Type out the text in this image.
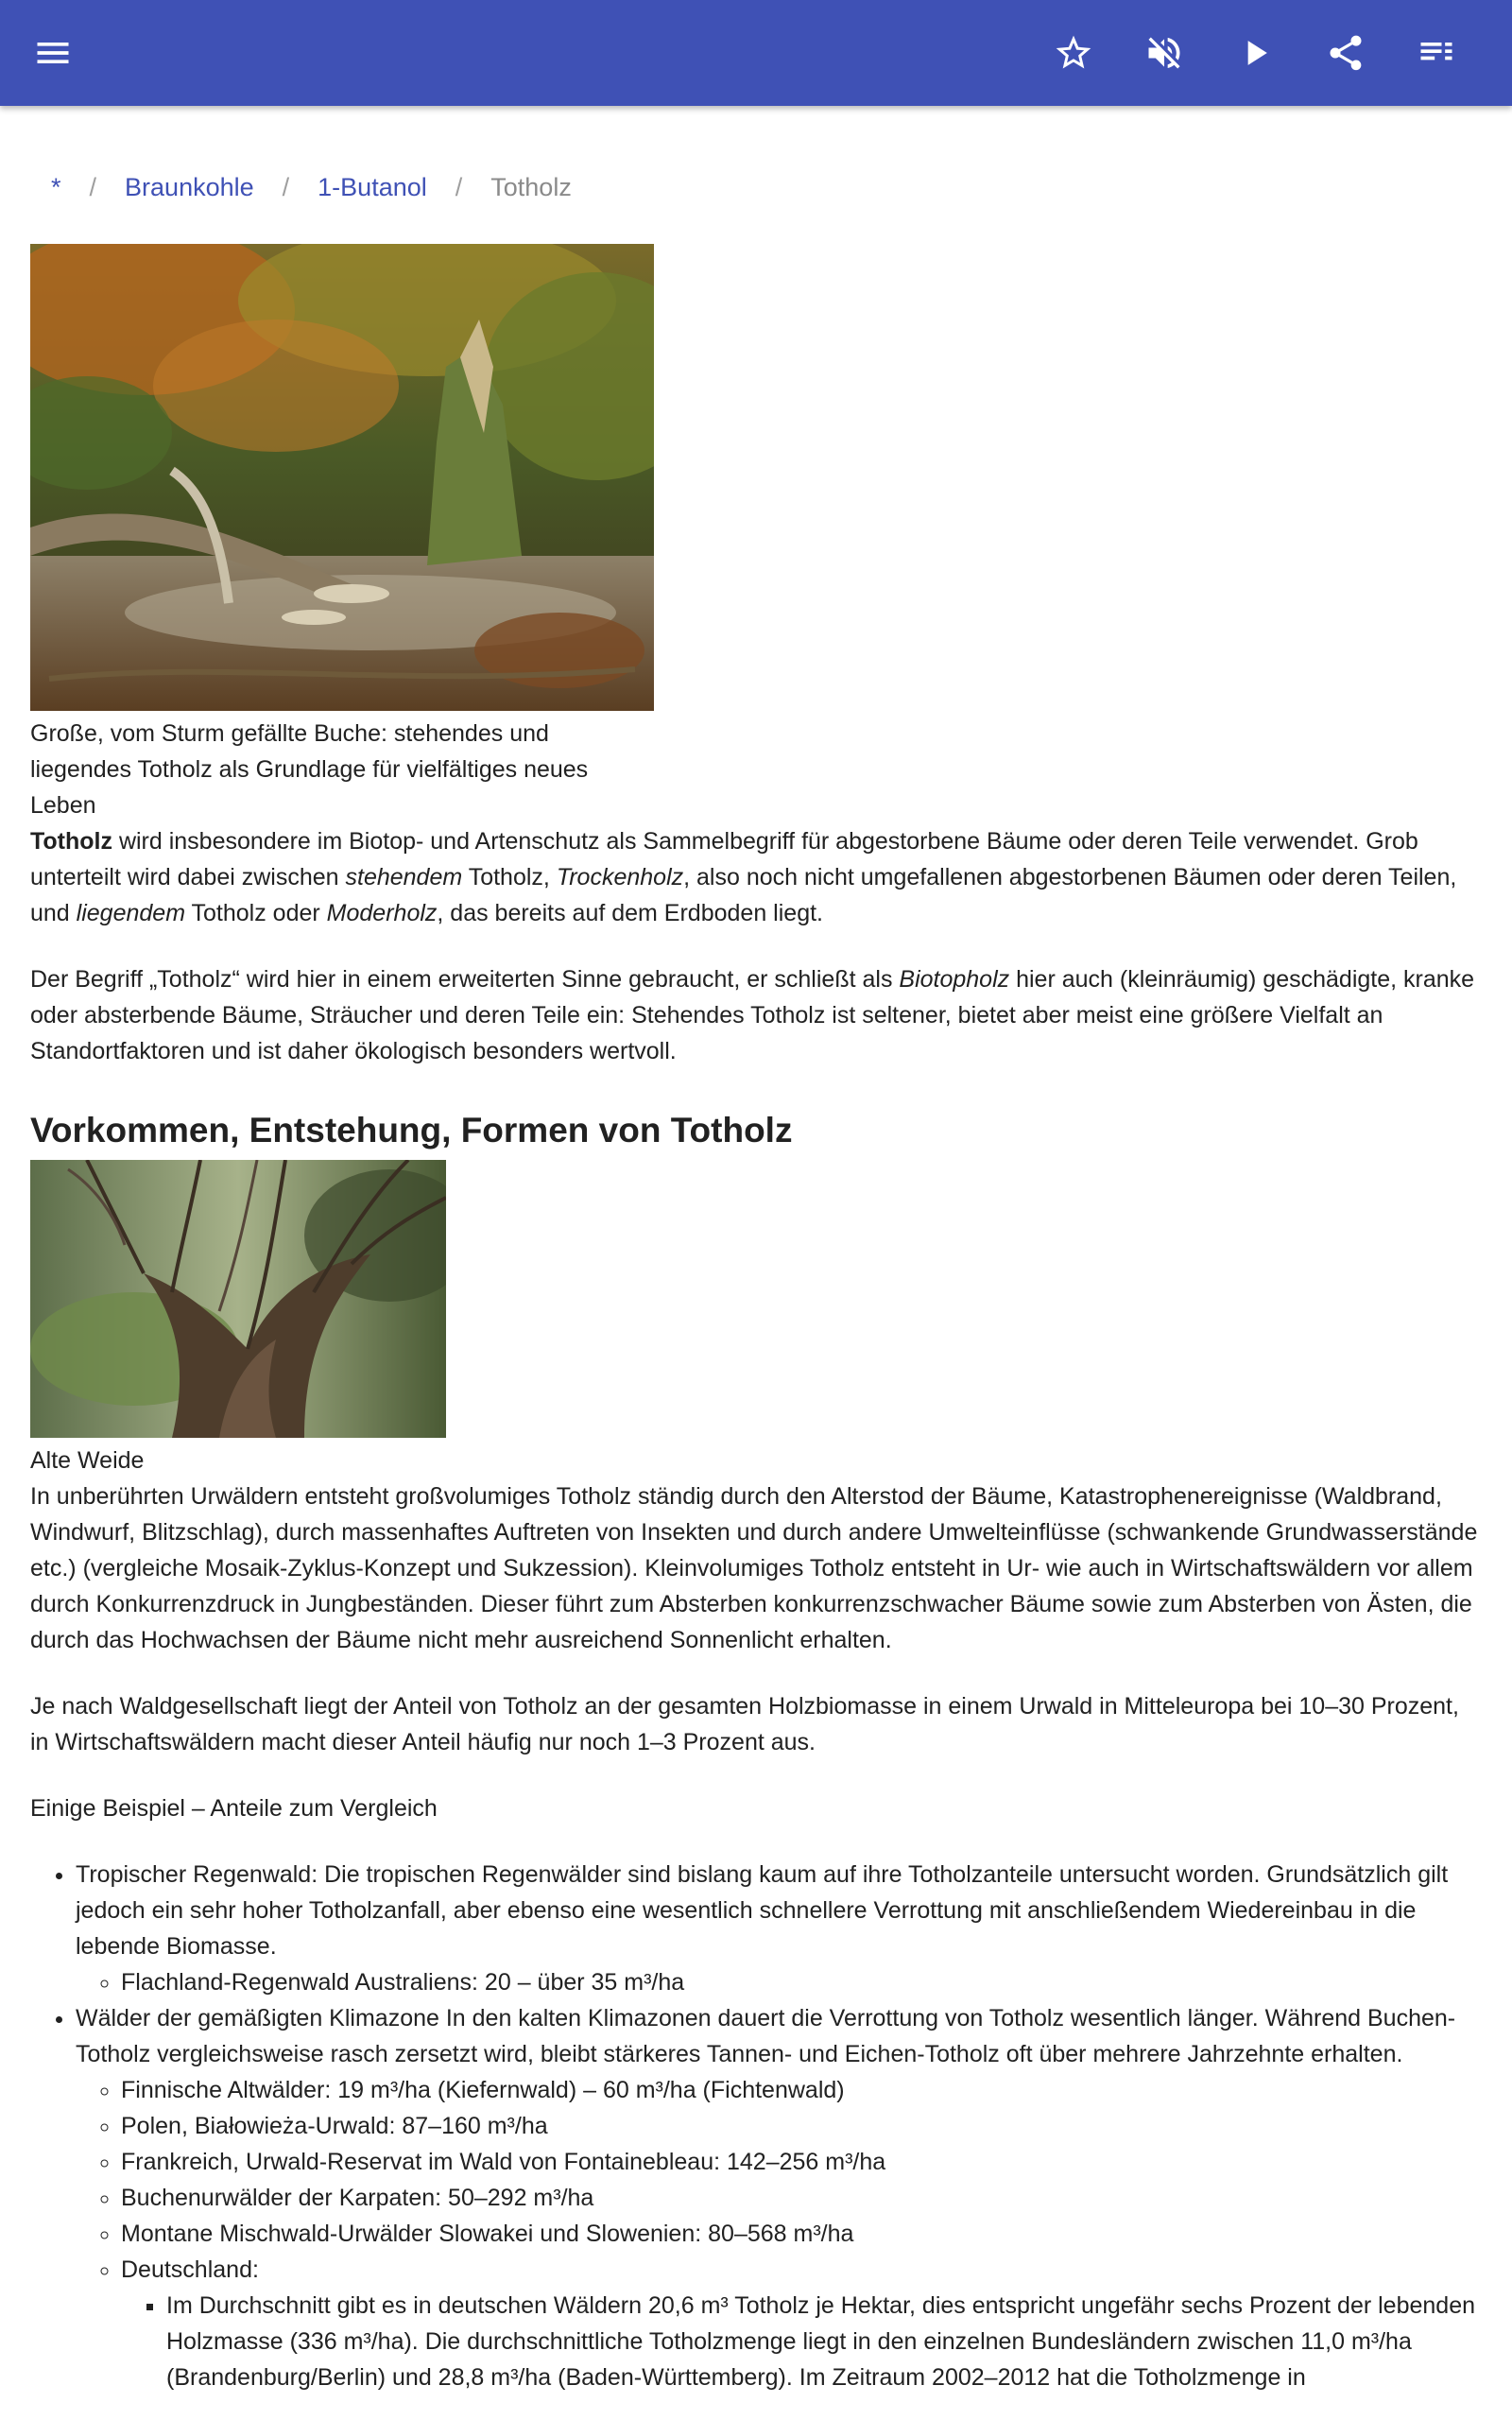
* / Braunkohle / 1-Butanol / Totholz
Große, vom Sturm gefällte Buche: stehendes und liegendes Totholz als Grundlage für vielfältiges neues Leben

Totholz wird insbesondere im Biotop- und Artenschutz als Sammelbegriff für abgestorbene Bäume oder deren Teile verwendet. Grob unterteilt wird dabei zwischen stehendem Totholz, Trockenholz, also noch nicht umgefallenen abgestorbenen Bäumen oder deren Teilen, und liegendem Totholz oder Moderholz, das bereits auf dem Erdboden liegt.

Der Begriff „Totholz“ wird hier in einem erweiterten Sinne gebraucht, er schließt als Biotopholz hier auch (kleinräumig) geschädigte, kranke oder absterbende Bäume, Sträucher und deren Teile ein: Stehendes Totholz ist seltener, bietet aber meist eine größere Vielfalt an Standortfaktoren und ist daher ökologisch besonders wertvoll.

Vorkommen, Entstehung, Formen von Totholz
Alte Weide

In unberührten Urwäldern entsteht großvolumiges Totholz ständig durch den Alterstod der Bäume, Katastrophenereignisse (Waldbrand, Windwurf, Blitzschlag), durch massenhaftes Auftreten von Insekten und durch andere Umwelteinflüsse (schwankende Grundwasserstände etc.) (vergleiche Mosaik-Zyklus-Konzept und Sukzession). Kleinvolumiges Totholz entsteht in Ur- wie auch in Wirtschaftswäldern vor allem durch Konkurrenzdruck in Jungbeständen. Dieser führt zum Absterben konkurrenzschwacher Bäume sowie zum Absterben von Ästen, die durch das Hochwachsen der Bäume nicht mehr ausreichend Sonnenlicht erhalten.

Je nach Waldgesellschaft liegt der Anteil von Totholz an der gesamten Holzbiomasse in einem Urwald in Mitteleuropa bei 10–30 Prozent, in Wirtschaftswäldern macht dieser Anteil häufig nur noch 1–3 Prozent aus.

Einige Beispiel – Anteile zum Vergleich

• Tropischer Regenwald: Die tropischen Regenwälder sind bislang kaum auf ihre Totholzanteile untersucht worden. Grundsätzlich gilt jedoch ein sehr hoher Totholzanfall, aber ebenso eine wesentlich schnellere Verrottung mit anschließendem Wiedereinbau in die lebende Biomasse.
◦ Flachland-Regenwald Australiens: 20 – über 35 m³/ha
• Wälder der gemäßigten Klimazone In den kalten Klimazonen dauert die Verrottung von Totholz wesentlich länger. Während Buchen-Totholz vergleichsweise rasch zersetzt wird, bleibt stärkeres Tannen- und Eichen-Totholz oft über mehrere Jahrzehnte erhalten.
◦ Finnische Altwälder: 19 m³/ha (Kiefernwald) – 60 m³/ha (Fichtenwald)
◦ Polen, Białowieża-Urwald: 87–160 m³/ha
◦ Frankreich, Urwald-Reservat im Wald von Fontainebleau: 142–256 m³/ha
◦ Buchenurwälder der Karpaten: 50–292 m³/ha
◦ Montane Mischwald-Urwälder Slowakei und Slowenien: 80–568 m³/ha
◦ Deutschland:
▪ Im Durchschnitt gibt es in deutschen Wäldern 20,6 m³ Totholz je Hektar, dies entspricht ungefähr sechs Prozent der lebenden Holzmasse (336 m³/ha). Die durchschnittliche Totholzmenge liegt in den einzelnen Bundesländern zwischen 11,0 m³/ha (Brandenburg/Berlin) und 28,8 m³/ha (Baden-Württemberg). Im Zeitraum 2002–2012 hat die Totholzmenge in
